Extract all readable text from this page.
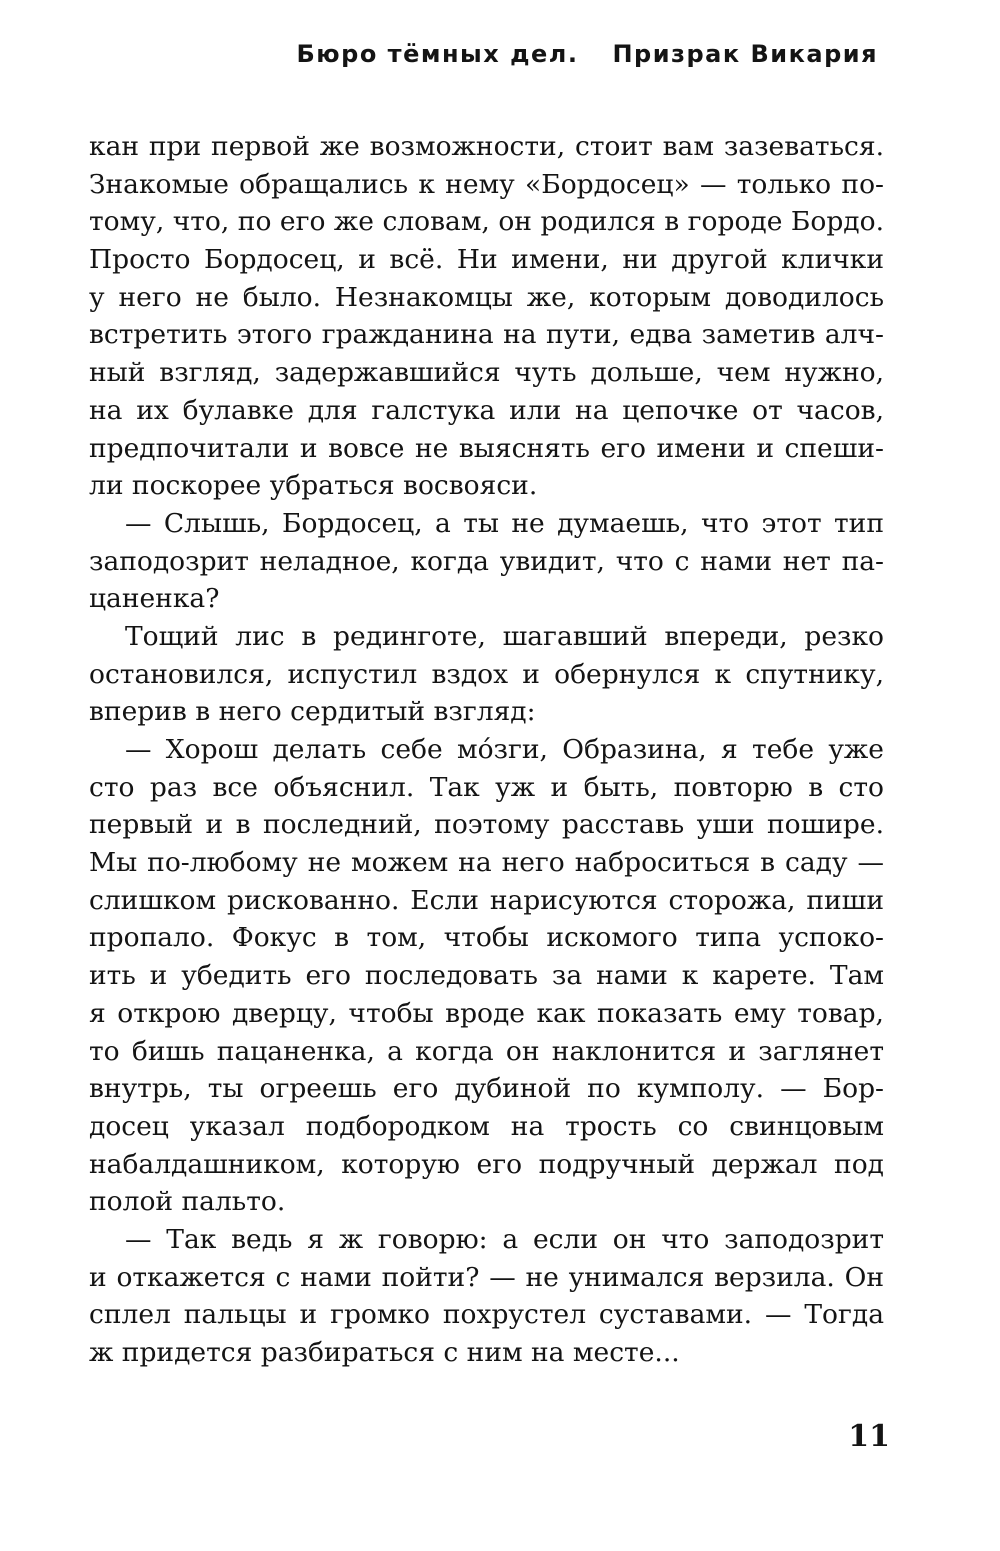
Бюро тёмных дел. Призрак Викария
кан при первой же возможности, стоит вам зазеваться.
Знакомые обращались к нему «Бордосец» — только по-
тому, что, по его же словам, он родился в городе Бордо.
Просто Бордосец, и всё. Ни имени, ни другой клички
у него не было. Незнакомцы же, которым доводилось
встретить этого гражданина на пути, едва заметив алч-
ный взгляд, задержавшийся чуть дольше, чем нужно,
на их булавке для галстука или на цепочке от часов,
предпочитали и вовсе не выяснять его имени и спеши-
ли поскорее убраться восвояси.
— Слышь, Бордосец, а ты не думаешь, что этот тип
заподозрит неладное, когда увидит, что с нами нет па-
цаненка?
Тощий лис в рединготе, шагавший впереди, резко
остановился, испустил вздох и обернулся к спутнику,
вперив в него сердитый взгляд:
— Хорош делать себе мóзги, Образина, я тебе уже
сто раз все объяснил. Так уж и быть, повторю в сто
первый и в последний, поэтому расставь уши пошире.
Мы по-любому не можем на него наброситься в саду —
слишком рискованно. Если нарисуются сторожа, пиши
пропало. Фокус в том, чтобы искомого типа успоко-
ить и убедить его последовать за нами к карете. Там
я открою дверцу, чтобы вроде как показать ему товар,
то бишь пацаненка, а когда он наклонится и заглянет
внутрь, ты огреешь его дубиной по кумполу. — Бор-
досец указал подбородком на трость со свинцовым
набалдашником, которую его подручный держал под
полой пальто.
— Так ведь я ж говорю: а если он что заподозрит
и откажется с нами пойти? — не унимался верзила. Он
сплел пальцы и громко похрустел суставами. — Тогда
ж придется разбираться с ним на месте...
11
